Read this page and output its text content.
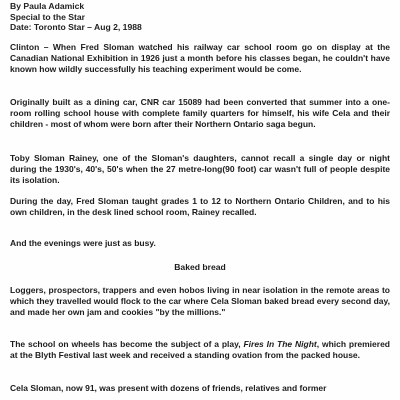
By Paula Adamick
Special to the Star
Date: Toronto Star – Aug 2, 1988

Clinton – When Fred Sloman watched his railway car school room go on display at the Canadian National Exhibition in 1926 just a month before his classes began, he couldn't have known how wildly successfully his teaching experiment would be come.

Originally built as a dining car, CNR car 15089 had been converted that summer into a one-room rolling school house with complete family quarters for himself, his wife Cela and their children - most of whom were born after their Northern Ontario saga begun.

Toby Sloman Rainey, one of the Sloman's daughters, cannot recall a single day or night during the 1930's, 40's, 50's when the 27 metre-long(90 foot) car wasn't full of people despite its isolation.

During the day, Fred Sloman taught grades 1 to 12 to Northern Ontario Children, and to his own children, in the desk lined school room, Rainey recalled.

And the evenings were just as busy.

Baked bread

Loggers, prospectors, trappers and even hobos living in near isolation in the remote areas to which they travelled would flock to the car where Cela Sloman baked bread every second day, and made her own jam and cookies "by the millions."

The school on wheels has become the subject of a play, Fires In The Night, which premiered at the Blyth Festival last week and received a standing ovation from the packed house.

Cela Sloman, now 91, was present with dozens of friends, relatives and former
